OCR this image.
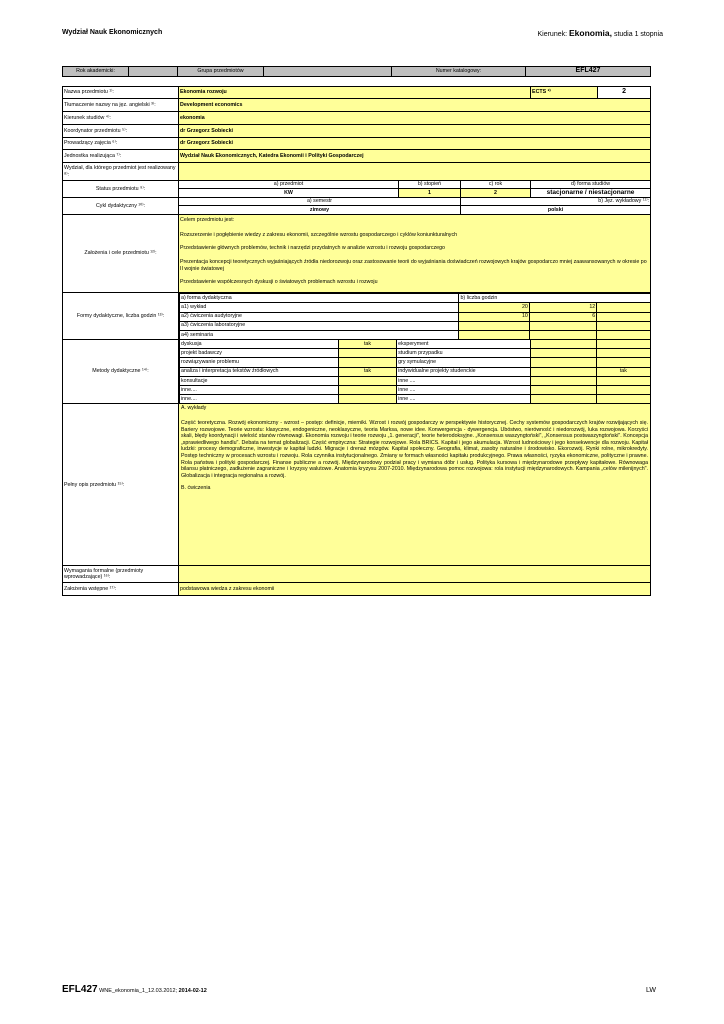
Wydział Nauk Ekonomicznych	Kierunek: Ekonomia, studia 1 stopnia
Rok akademicki:		Grupa przedmiotów		Numer katalogowy:	EFL427
Nazwa przedmiotu ¹⁾:	Ekonomia rozwoju	ECTS ²⁾	2
Tłumaczenie nazwy na jęz. angielski ³⁾:	Development economics
Kierunek studiów ⁴⁾:	ekonomia
Koordynator przedmiotu ⁵⁾:	dr Grzegorz Sobiecki
Prowadzący zajęcia ⁶⁾:	dr Grzegorz Sobiecki
Jednostka realizująca ⁷⁾:	Wydział Nauk Ekonomicznych, Katedra Ekonomii i Polityki Gospodarczej
Wydział, dla którego przedmiot jest realizowany ⁸⁾:	
Status przedmiotu ⁹⁾:	a) przedmiot	b) stopień	c) rok	d) forma studiów
KW	1	2	stacjonarne / niestacjonarne
Cykl dydaktyczny ¹⁰⁾:	a) semestr	b) Jęz. wykładowy ¹¹⁾:
zimowy	polski
Założenia i cele przedmiotu ¹²⁾:	

Celem przedmiotu jest:

Rozszerzenie i pogłębienie wiedzy z zakresu ekonomii, szczególnie wzrostu gospodarczego i cyklów koniunkturalnych

Przedstawienie głównych problemów, technik i narzędzi przydatnych w analizie wzrostu i rozwoju gospodarczego

Prezentacja koncepcji teoretycznych wyjaśniających źródła niedorozwoju oraz zastosowanie teorii do wyjaśniania doświadczeń rozwojowych krajów gospodarczo mniej zaawansowanych w okresie po II wojnie światowej

Przedstawienie współczesnych dyskusji o światowych problemach wzrostu i rozwoju

Formy dydaktyczne, liczba godzin ¹³⁾:	
a) forma dydaktyczna	b) liczba godzin
a1) wykład	20	12	
a2) ćwiczenia audytoryjne	10	6	
a3) ćwiczenia laboratoryjne			
a4) seminaria			

Metody dydaktyczne ¹⁴⁾:	
dyskusja	tak	eksperyment		
projekt badawczy		studium przypadku		
rozwiązywanie problemu		gry symulacyjne		
analiza i interpretacja tekstów źródłowych	tak	indywidualne projekty studenckie		tak
konsultacje		inne ....		
inne....		inne ....		
inne....		inne ....		

Pełny opis przedmiotu ¹⁵⁾:	

A. wykłady

Część teoretyczna. Rozwój ekonomiczny - wzrost – postęp: definicje, mierniki. Wzrost i rozwój gospodarczy w perspektywie historycznej. Cechy systemów gospodarczych krajów rozwijających się. Bariery rozwojowe. Teorie wzrostu: klasyczne, endogeniczne, neoklasyczne, teoria Marksa, nowe idee. Konwergencja - dywergencja. Ubóstwo, nierówność i niedorozwój, luka rozwojowa. Korzyści skali, błędy koordynacji i wielość stanów równowagi. Ekonomia rozwoju i teorie rozwoju „1. generacji", teorie heterodoksyjne. „Konsensus waszyngtoński", „Konsensus postwaszyngtoński". Koncepcja „sprawiedliwego handlu". Debata na temat globalizacji. Część empiryczna: Strategie rozwojowe. Rola BRICS. Kapitał i jego akumulacja. Wzrost ludnościowy i jego konsekwencje dla rozwoju. Kapitał ludzki: procesy demograficzne, inwestycje w kapitał ludzki. Migracje i drenaż mózgów. Kapitał społeczny. Geografia, klimat, zasoby naturalne i środowisko. Ekorozwój. Rynki rolne, mikrokredyty. Postęp techniczny w procesach wzrostu i rozwoju. Rola czynnika instytucjonalnego. Zmiany w formach własności kapitału produkcyjnego. Prawa własności, ryzyka ekonomiczne, polityczne i prawne. Rola państwa i polityki gospodarczej. Finanse publiczne a rozwój. Międzynarodowy podział pracy i wymiana dóbr i usług. Polityka kursowa i międzynarodowe przepływy kapitałowe. Równowaga bilansu płatniczego, zadłużenie zagraniczne i kryzysy walutowe. Anatomia kryzysu 2007-2010. Międzynarodowa pomoc rozwojowa: rola instytucji międzynarodowych. Kampania „celów milenijnych". Globalizacja i integracja regionalna a rozwój.

B. ćwiczenia

Wymagania formalne (przedmioty wprowadzające) ¹⁶⁾:	
Założenia wstępne ¹⁷⁾:	podstawowa wiedza z zakresu ekonomii
EFL427 WNE_ekonomia_1_12.03.2012; 2014-02-12	LW
